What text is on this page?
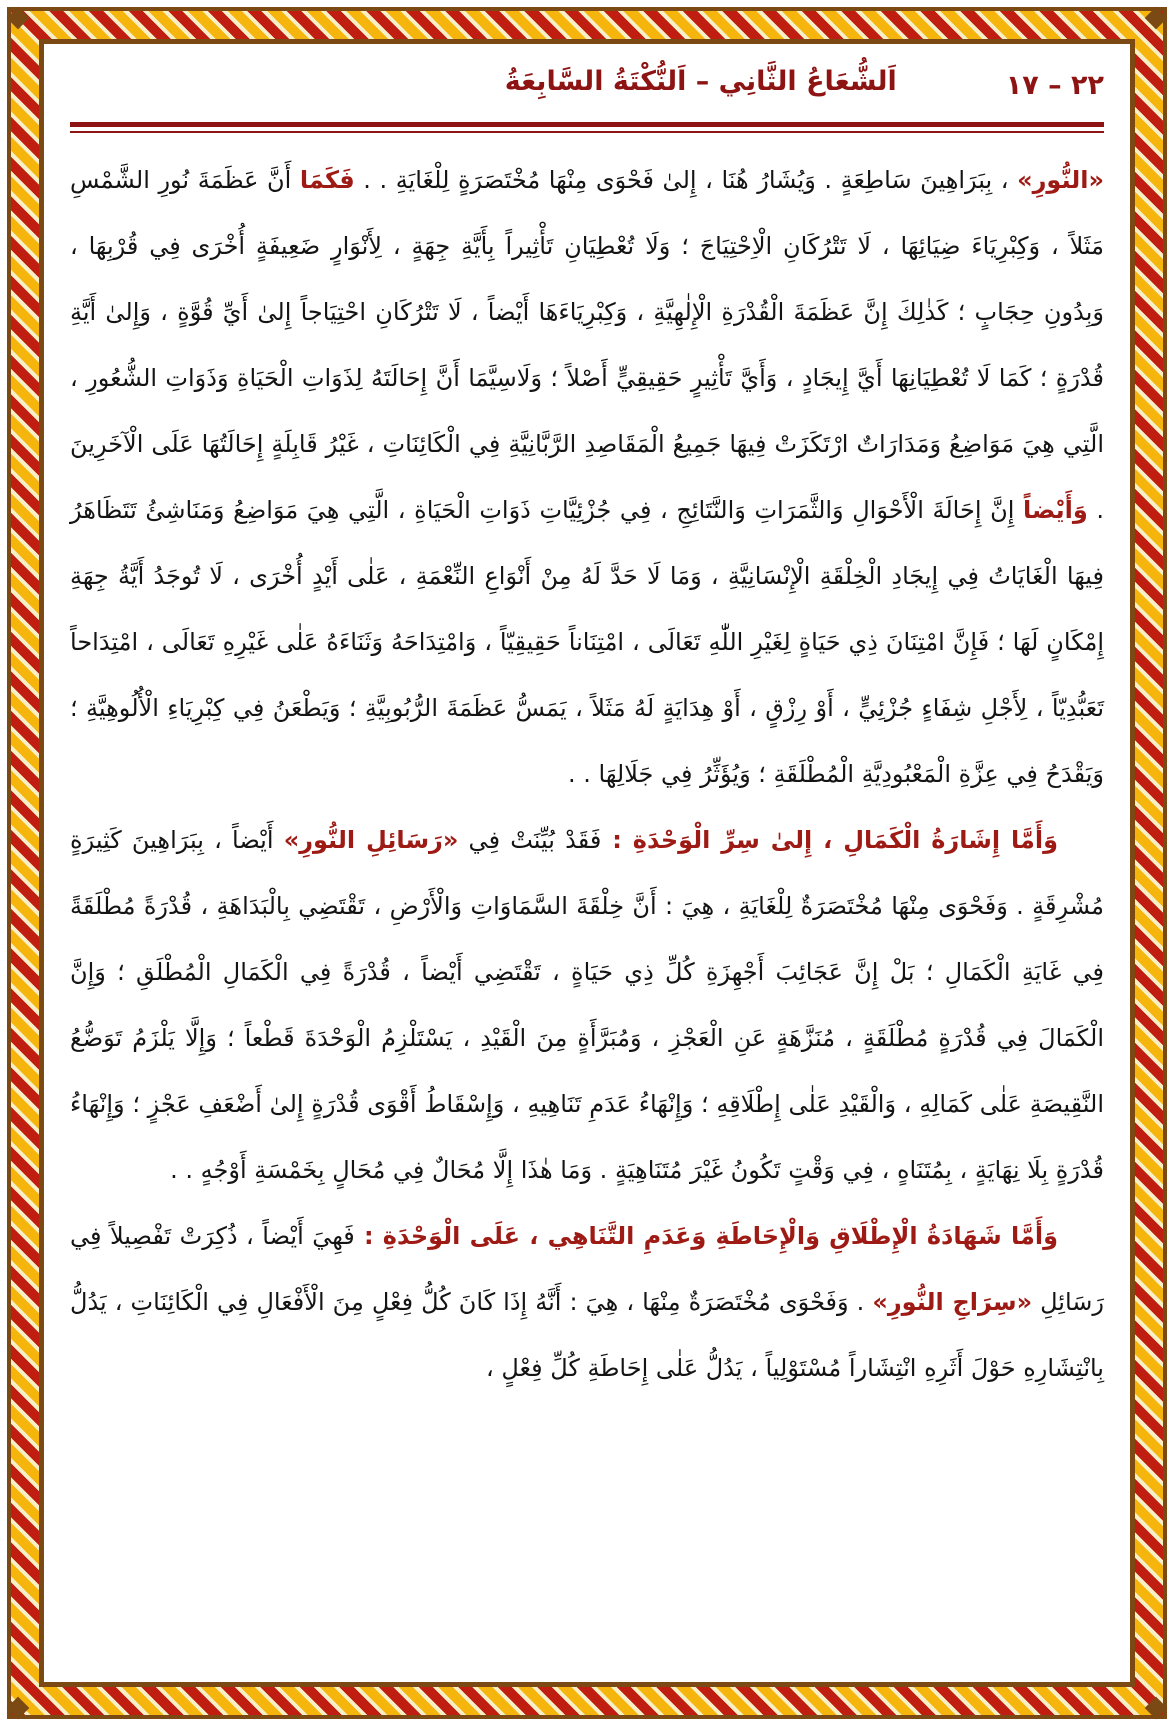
٢٢ – ١٧
اَلشُّعَاعُ الثَّانِي – اَلنُّكْتَةُ السَّابِعَةُ

«النُّورِ» ، بِبَرَاهِينَ سَاطِعَةٍ . وَيُشَارُ هُنَا ، إِلىٰ فَحْوَى مِنْهَا مُخْتَصَرَةٍ لِلْغَايَةِ . . فَكَمَا أَنَّ عَظَمَةَ نُورِ الشَّمْسِ مَثَلاً ، وَكِبْرِيَاءَ ضِيَائِهَا ، لَا تَتْرُكَانِ الْاِحْتِيَاجَ ؛ وَلَا تُعْطِيَانِ تَأْثِيراً بِأَيَّةِ جِهَةٍ ، لِأَنْوَارٍ ضَعِيفَةٍ أُخْرَى فِي قُرْبِهَا ، وَبِدُونِ حِجَابٍ ؛ كَذٰلِكَ إِنَّ عَظَمَةَ الْقُدْرَةِ الْإِلٰهِيَّةِ ، وَكِبْرِيَاءَهَا أَيْضاً ، لَا تَتْرُكَانِ احْتِيَاجاً إِلىٰ أَيِّ قُوَّةٍ ، وَإِلىٰ أَيَّةِ قُدْرَةٍ ؛ كَمَا لَا تُعْطِيَانِهَا أَيَّ إِيجَادٍ ، وَأَيَّ تَأْثِيرٍ حَقِيقِيٍّ أَصْلاً ؛ وَلَاسِيَّمَا أَنَّ إِحَالَتَهُ لِذَوَاتِ الْحَيَاةِ وَذَوَاتِ الشُّعُورِ ، الَّتِي هِيَ مَوَاضِعُ وَمَدَارَاتٌ ارْتَكَزَتْ فِيهَا جَمِيعُ الْمَقَاصِدِ الرَّبَّانِيَّةِ فِي الْكَائِنَاتِ ، غَيْرُ قَابِلَةٍ إِحَالَتُهَا عَلَى الْآخَرِينَ . وَأَيْضاً إِنَّ إِحَالَةَ الْأَحْوَالِ وَالثَّمَرَاتِ وَالنَّتَائِجِ ، فِي جُزْئِيَّاتِ ذَوَاتِ الْحَيَاةِ ، الَّتِي هِيَ مَوَاضِعُ وَمَنَاشِئُ تَتَظَاهَرُ فِيهَا الْغَايَاتُ فِي إِيجَادِ الْخِلْقَةِ الْإِنْسَانِيَّةِ ، وَمَا لَا حَدَّ لَهُ مِنْ أَنْوَاعِ النِّعْمَةِ ، عَلٰى أَيْدٍ أُخْرَى ، لَا تُوجَدُ أَيَّةُ جِهَةِ إِمْكَانٍ لَهَا ؛ فَإِنَّ امْتِنَانَ ذِي حَيَاةٍ لِغَيْرِ اللّٰهِ تَعَالَى ، امْتِنَاناً حَقِيقِيّاً ، وَامْتِدَاحَهُ وَثَنَاءَهُ عَلٰى غَيْرِهِ تَعَالَى ، امْتِدَاحاً تَعَبُّدِيّاً ، لِأَجْلِ شِفَاءٍ جُزْئِيٍّ ، أَوْ رِزْقٍ ، أَوْ هِدَايَةٍ لَهُ مَثَلاً ، يَمَسُّ عَظَمَةَ الرُّبُوبِيَّةِ ؛ وَيَطْعَنُ فِي كِبْرِيَاءِ الْأُلُوهِيَّةِ ؛ وَيَقْدَحُ فِي عِزَّةِ الْمَعْبُودِيَّةِ الْمُطْلَقَةِ ؛ وَيُؤَثِّرُ فِي جَلَالِهَا . .

وَأَمَّا إِشَارَةُ الْكَمَالِ ، إِلىٰ سِرِّ الْوَحْدَةِ : فَقَدْ بُيِّنَتْ فِي «رَسَائِلِ النُّورِ» أَيْضاً ، بِبَرَاهِينَ كَثِيرَةٍ مُشْرِقَةٍ . وَفَحْوَى مِنْهَا مُخْتَصَرَةٌ لِلْغَايَةِ ، هِيَ : أَنَّ خِلْقَةَ السَّمَاوَاتِ وَالْأَرْضِ ، تَقْتَضِي بِالْبَدَاهَةِ ، قُدْرَةً مُطْلَقَةً فِي غَايَةِ الْكَمَالِ ؛ بَلْ إِنَّ عَجَائِبَ أَجْهِزَةِ كُلِّ ذِي حَيَاةٍ ، تَقْتَضِي أَيْضاً ، قُدْرَةً فِي الْكَمَالِ الْمُطْلَقِ ؛ وَإِنَّ الْكَمَالَ فِي قُدْرَةٍ مُطْلَقَةٍ ، مُنَزَّهَةٍ عَنِ الْعَجْزِ ، وَمُبَرَّأَةٍ مِنَ الْقَيْدِ ، يَسْتَلْزِمُ الْوَحْدَةَ قَطْعاً ؛ وَإِلَّا يَلْزَمُ تَوَضُّعُ النَّقِيصَةِ عَلٰى كَمَالِهِ ، وَالْقَيْدِ عَلٰى إِطْلَاقِهِ ؛ وَإِنْهَاءُ عَدَمِ تَنَاهِيهِ ، وَإِسْقَاطُ أَقْوَى قُدْرَةٍ إِلىٰ أَضْعَفِ عَجْزٍ ؛ وَإِنْهَاءُ قُدْرَةٍ بِلَا نِهَايَةٍ ، بِمُتَنَاهٍ ، فِي وَقْتٍ تَكُونُ غَيْرَ مُتَنَاهِيَةٍ . وَمَا هٰذَا إِلَّا مُحَالٌ فِي مُحَالٍ بِخَمْسَةِ أَوْجُهٍ . .

وَأَمَّا شَهَادَةُ الْإِطْلَاقِ وَالْإِحَاطَةِ وَعَدَمِ التَّنَاهِي ، عَلَى الْوَحْدَةِ : فَهِيَ أَيْضاً ، ذُكِرَتْ تَفْصِيلاً فِي رَسَائِلِ «سِرَاجِ النُّورِ» . وَفَحْوَى مُخْتَصَرَةٌ مِنْهَا ، هِيَ : أَنَّهُ إِذَا كَانَ كُلُّ فِعْلٍ مِنَ الْأَفْعَالِ فِي الْكَائِنَاتِ ، يَدُلُّ بِانْتِشَارِهِ حَوْلَ أَثَرِهِ انْتِشَاراً مُسْتَوْلِياً ، يَدُلُّ عَلٰى إِحَاطَةِ كُلِّ فِعْلٍ ،
